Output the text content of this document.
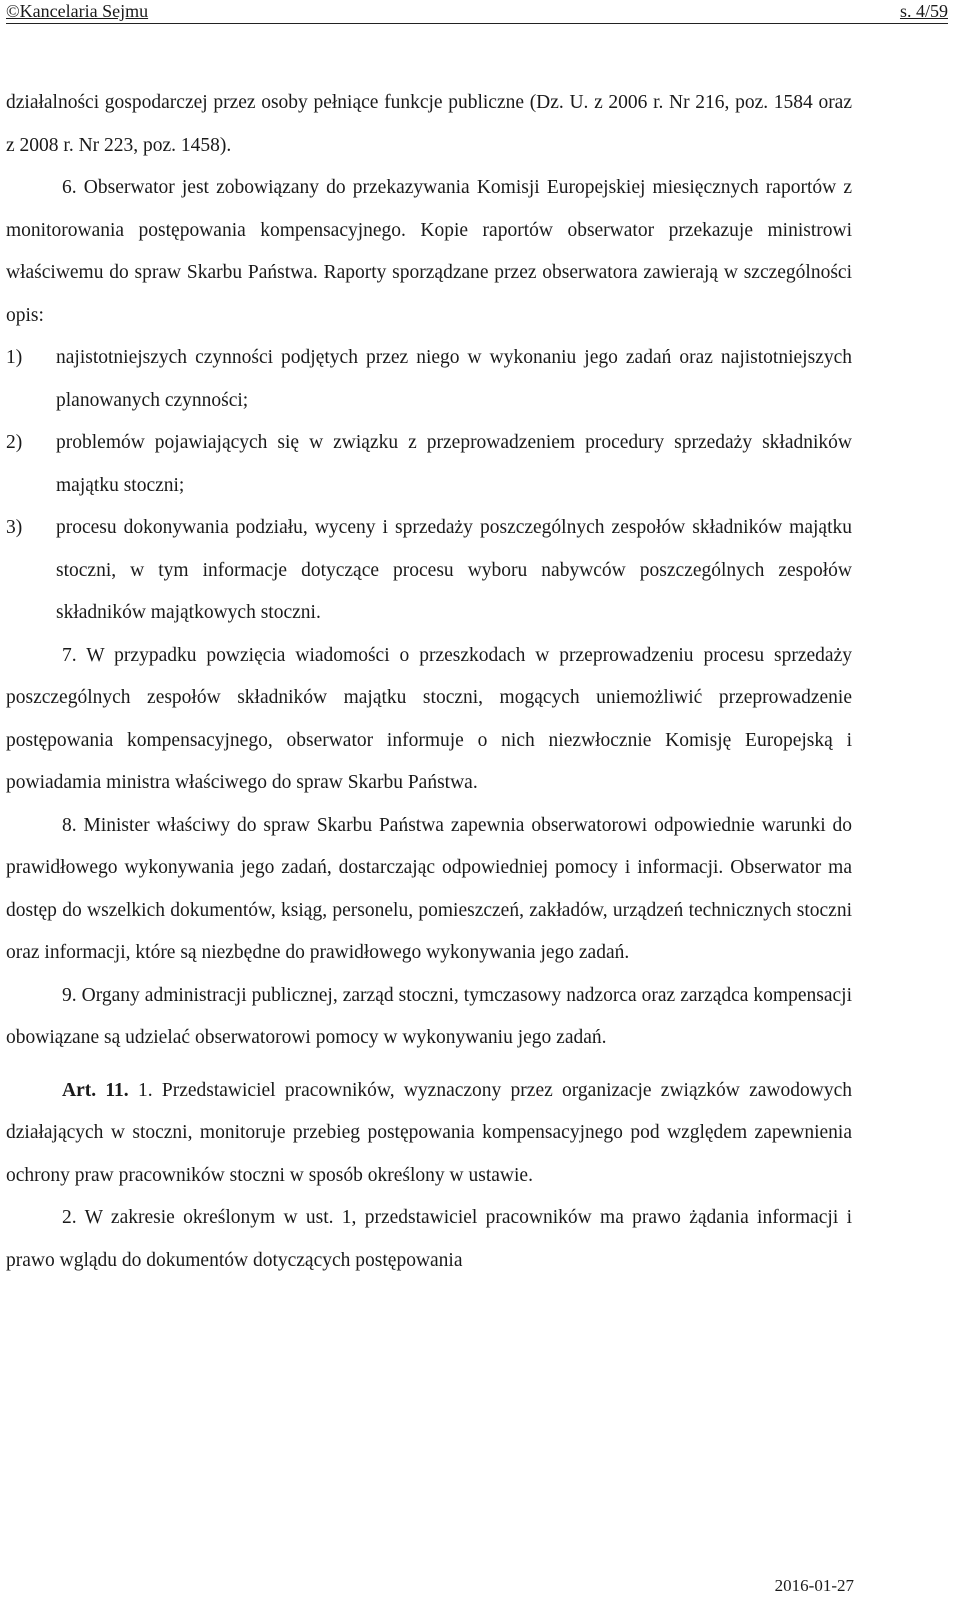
©Kancelaria Sejmu	s. 4/59

działalności gospodarczej przez osoby pełniące funkcje publiczne (Dz. U. z 2006 r. Nr 216, poz. 1584 oraz z 2008 r. Nr 223, poz. 1458).

6. Obserwator jest zobowiązany do przekazywania Komisji Europejskiej miesięcznych raportów z monitorowania postępowania kompensacyjnego. Kopie raportów obserwator przekazuje ministrowi właściwemu do spraw Skarbu Państwa. Raporty sporządzane przez obserwatora zawierają w szczególności opis:

1)	najistotniejszych czynności podjętych przez niego w wykonaniu jego zadań oraz najistotniejszych planowanych czynności;
2)	problemów pojawiających się w związku z przeprowadzeniem procedury sprzedaży składników majątku stoczni;
3)	procesu dokonywania podziału, wyceny i sprzedaży poszczególnych zespołów składników majątku stoczni, w tym informacje dotyczące procesu wyboru nabywców poszczególnych zespołów składników majątkowych stoczni.

7. W przypadku powzięcia wiadomości o przeszkodach w przeprowadzeniu procesu sprzedaży poszczególnych zespołów składników majątku stoczni, mogących uniemożliwić przeprowadzenie postępowania kompensacyjnego, obserwator informuje o nich niezwłocznie Komisję Europejską i powiadamia ministra właściwego do spraw Skarbu Państwa.

8. Minister właściwy do spraw Skarbu Państwa zapewnia obserwatorowi odpowiednie warunki do prawidłowego wykonywania jego zadań, dostarczając odpowiedniej pomocy i informacji. Obserwator ma dostęp do wszelkich dokumentów, ksiąg, personelu, pomieszczeń, zakładów, urządzeń technicznych stoczni oraz informacji, które są niezbędne do prawidłowego wykonywania jego zadań.

9. Organy administracji publicznej, zarząd stoczni, tymczasowy nadzorca oraz zarządca kompensacji obowiązane są udzielać obserwatorowi pomocy w wykonywaniu jego zadań.

Art. 11. 1. Przedstawiciel pracowników, wyznaczony przez organizacje związków zawodowych działających w stoczni, monitoruje przebieg postępowania kompensacyjnego pod względem zapewnienia ochrony praw pracowników stoczni w sposób określony w ustawie.

2. W zakresie określonym w ust. 1, przedstawiciel pracowników ma prawo żądania informacji i prawo wglądu do dokumentów dotyczących postępowania

2016-01-27
